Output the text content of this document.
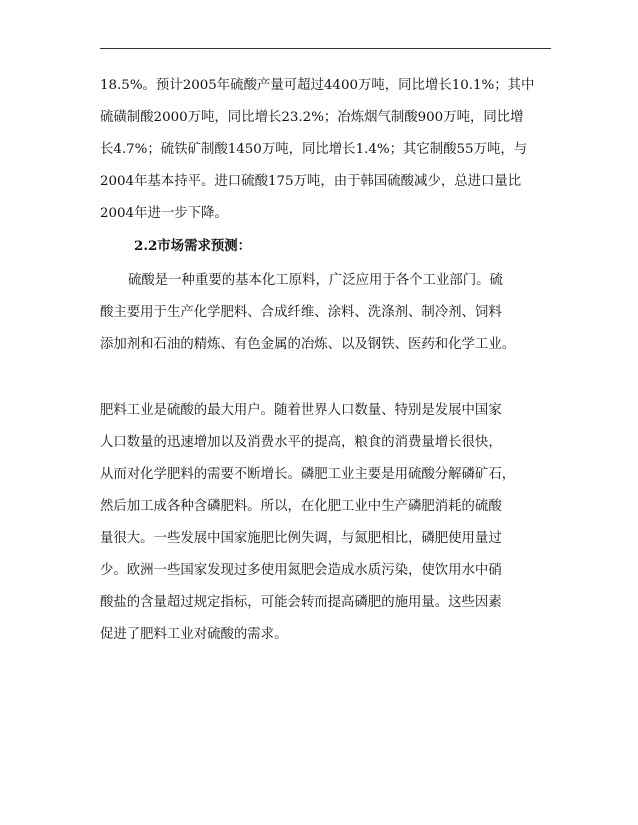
18.5%。预计2005年硫酸产量可超过4400万吨，同比增长10.1%；其中

硫磺制酸2000万吨，同比增长23.2%；冶炼烟气制酸900万吨，同比增

长4.7%；硫铁矿制酸1450万吨，同比增长1.4%；其它制酸55万吨，与

2004年基本持平。进口硫酸175万吨，由于韩国硫酸减少，总进口量比

2004年进一步下降。

2.2市场需求预测：

硫酸是一种重要的基本化工原料，广泛应用于各个工业部门。硫

酸主要用于生产化学肥料、合成纤维、涂料、洗涤剂、制冷剂、饲料

添加剂和石油的精炼、有色金属的冶炼、以及钢铁、医药和化学工业。

肥料工业是硫酸的最大用户。随着世界人口数量、特别是发展中国家

人口数量的迅速增加以及消费水平的提高，粮食的消费量增长很快，

从而对化学肥料的需要不断增长。磷肥工业主要是用硫酸分解磷矿石，

然后加工成各种含磷肥料。所以，在化肥工业中生产磷肥消耗的硫酸

量很大。一些发展中国家施肥比例失调，与氮肥相比，磷肥使用量过

少。欧洲一些国家发现过多使用氮肥会造成水质污染，使饮用水中硝

酸盐的含量超过规定指标，可能会转而提高磷肥的施用量。这些因素

促进了肥料工业对硫酸的需求。
